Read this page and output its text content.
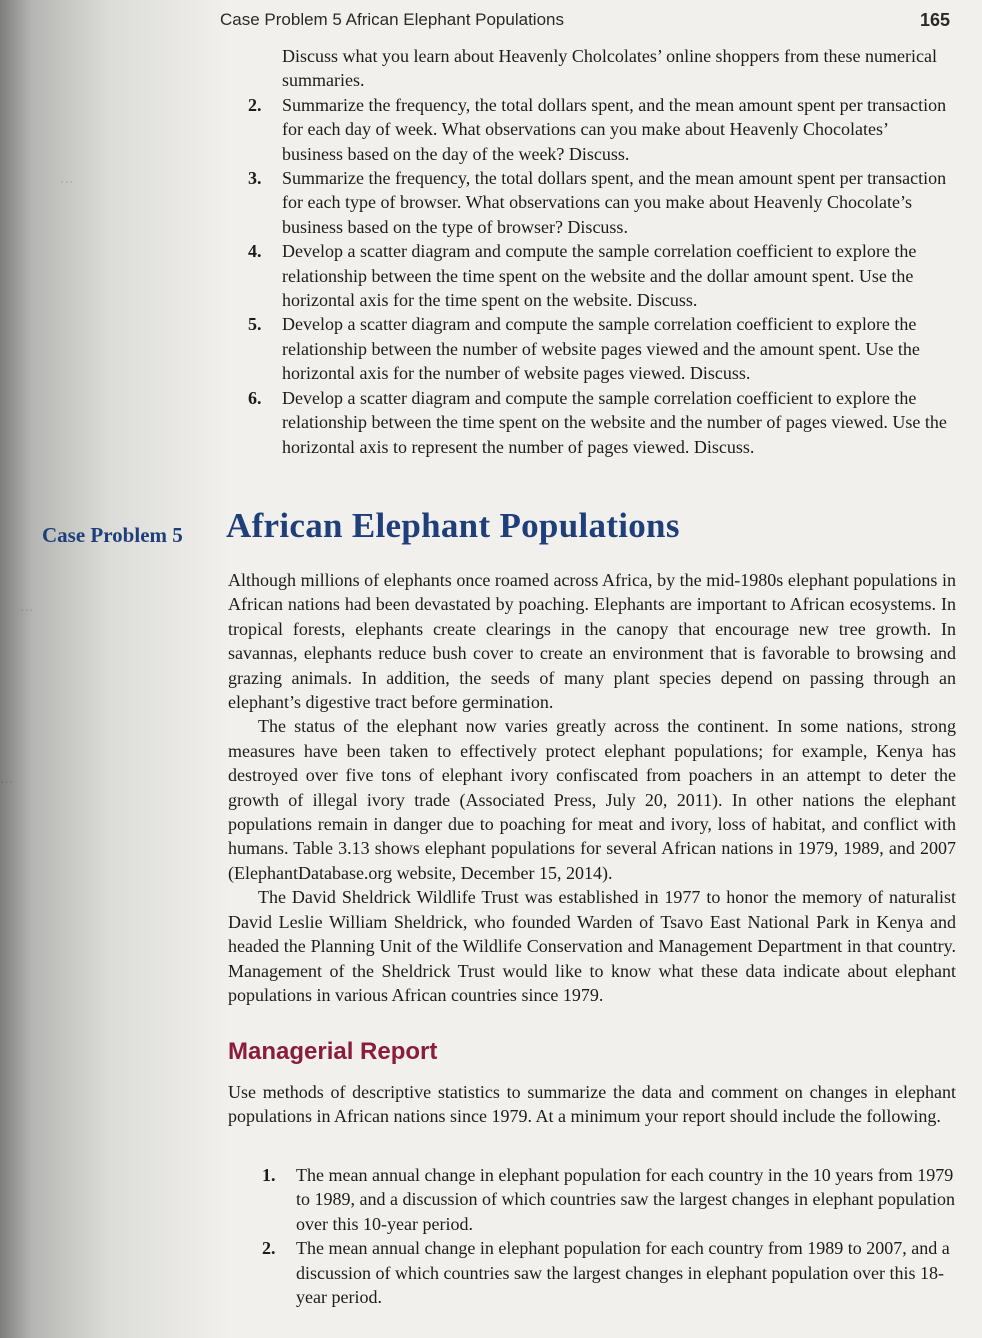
...
...
...
Case Problem 5 African Elephant Populations	165

Discuss what you learn about Heavenly Cholcolates’ online shoppers from these numerical summaries.

2. Summarize the frequency, the total dollars spent, and the mean amount spent per transaction for each day of week. What observations can you make about Heavenly Chocolates’ business based on the day of the week? Discuss.
3. Summarize the frequency, the total dollars spent, and the mean amount spent per transaction for each type of browser. What observations can you make about Heavenly Chocolate’s business based on the type of browser? Discuss.
4. Develop a scatter diagram and compute the sample correlation coefficient to explore the relationship between the time spent on the website and the dollar amount spent. Use the horizontal axis for the time spent on the website. Discuss.
5. Develop a scatter diagram and compute the sample correlation coefficient to explore the relationship between the number of website pages viewed and the amount spent. Use the horizontal axis for the number of website pages viewed. Discuss.
6. Develop a scatter diagram and compute the sample correlation coefficient to explore the relationship between the time spent on the website and the number of pages viewed. Use the horizontal axis to represent the number of pages viewed. Discuss.
Case Problem 5 African Elephant Populations

Although millions of elephants once roamed across Africa, by the mid-1980s elephant populations in African nations had been devastated by poaching. Elephants are important to African ecosystems. In tropical forests, elephants create clearings in the canopy that encourage new tree growth. In savannas, elephants reduce bush cover to create an environment that is favorable to browsing and grazing animals. In addition, the seeds of many plant species depend on passing through an elephant’s digestive tract before germination.

The status of the elephant now varies greatly across the continent. In some nations, strong measures have been taken to effectively protect elephant populations; for example, Kenya has destroyed over five tons of elephant ivory confiscated from poachers in an attempt to deter the growth of illegal ivory trade (Associated Press, July 20, 2011). In other nations the elephant populations remain in danger due to poaching for meat and ivory, loss of habitat, and conflict with humans. Table 3.13 shows elephant populations for several African nations in 1979, 1989, and 2007 (ElephantDatabase.org website, December 15, 2014).

The David Sheldrick Wildlife Trust was established in 1977 to honor the memory of naturalist David Leslie William Sheldrick, who founded Warden of Tsavo East National Park in Kenya and headed the Planning Unit of the Wildlife Conservation and Management Department in that country. Management of the Sheldrick Trust would like to know what these data indicate about elephant populations in various African countries since 1979.

Managerial Report

Use methods of descriptive statistics to summarize the data and comment on changes in elephant populations in African nations since 1979. At a minimum your report should include the following.

1. The mean annual change in elephant population for each country in the 10 years from 1979 to 1989, and a discussion of which countries saw the largest changes in elephant population over this 10-year period.
2. The mean annual change in elephant population for each country from 1989 to 2007, and a discussion of which countries saw the largest changes in elephant population over this 18-year period.
